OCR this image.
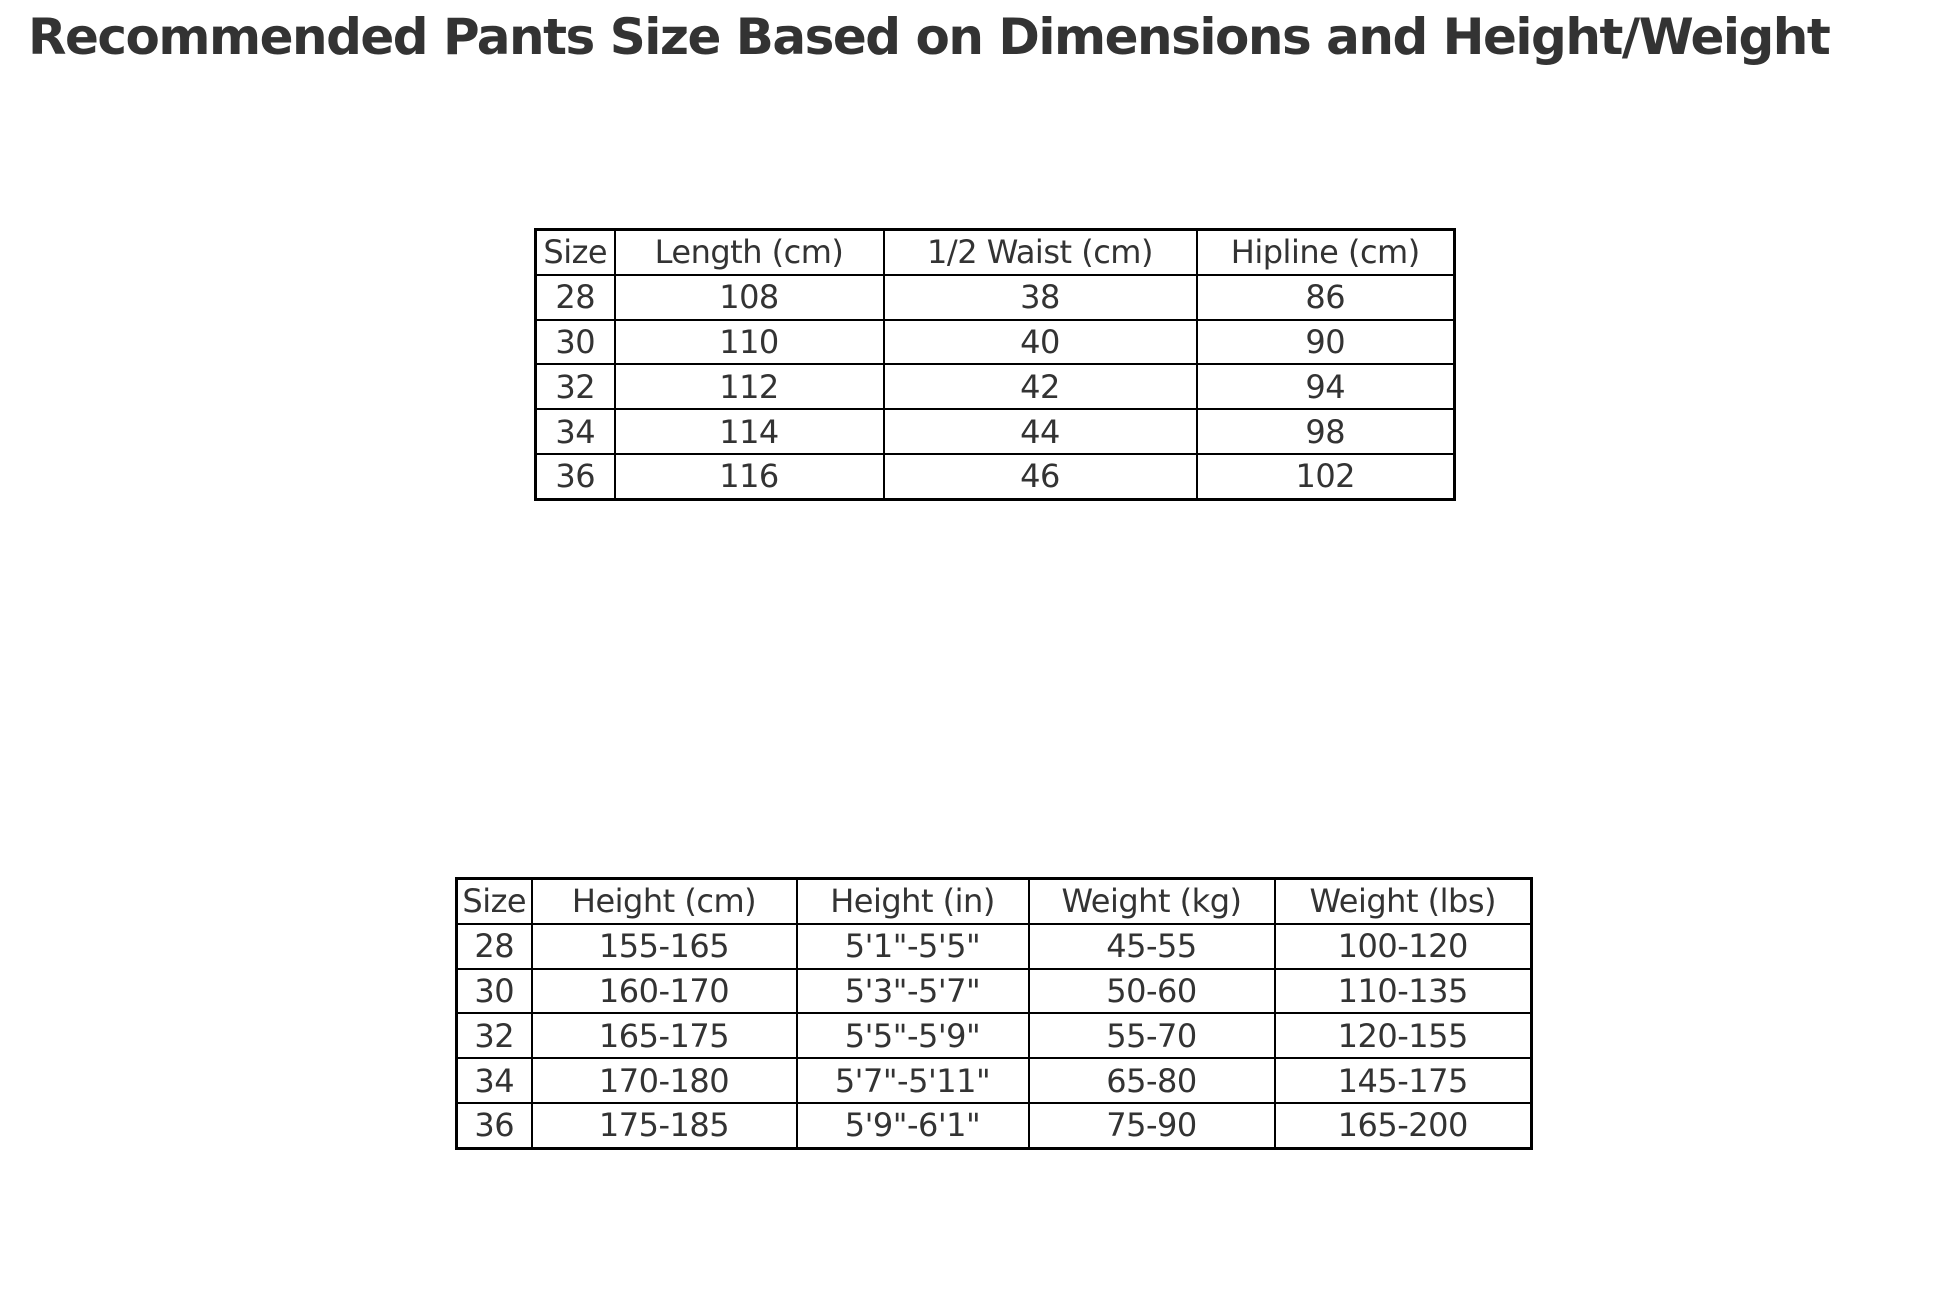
Recommended Pants Size Based on Dimensions and Height/Weight
Size	Length (cm)	1/2 Waist (cm)	Hipline (cm)
28	108	38	86
30	110	40	90
32	112	42	94
34	114	44	98
36	116	46	102
Size	Height (cm)	Height (in)	Weight (kg)	Weight (lbs)
28	155-165	5'1"-5'5"	45-55	100-120
30	160-170	5'3"-5'7"	50-60	110-135
32	165-175	5'5"-5'9"	55-70	120-155
34	170-180	5'7"-5'11"	65-80	145-175
36	175-185	5'9"-6'1"	75-90	165-200
